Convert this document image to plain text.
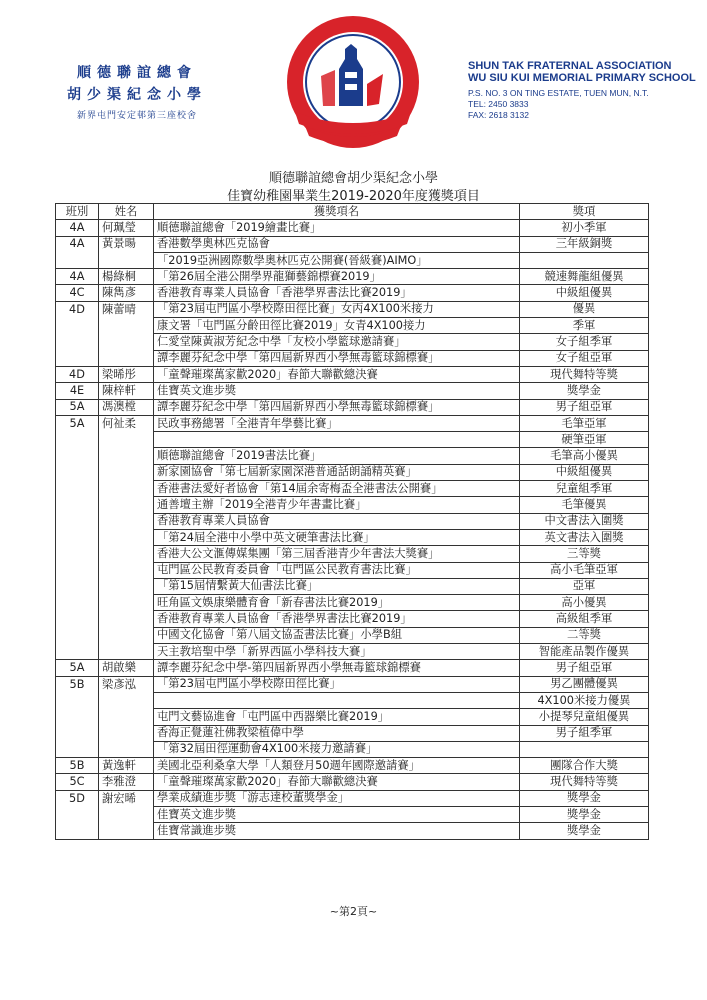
順德聯誼總會
胡少渠紀念小學
新界屯門安定邨第三座校舍
SHUN TAK FRATERNAL ASSOCIATION
WU SIU KUI MEMORIAL PRIMARY SCHOOL
P.S. NO. 3 ON TING ESTATE, TUEN MUN, N.T.
TEL: 2450 3833
FAX: 2618 3132
順德聯誼總會胡少渠紀念小學
佳寶幼稚園畢業生2019-2020年度獲獎項目
班別	姓名	獲獎項名	獎項
4A	何珮瑩	順德聯誼總會「2019繪畫比賽」	初小季軍
4A	黃景暘	香港數學奧林匹克協會	三年級銅獎
		「2019亞洲國際數學奧林匹克公開賽(晉級賽)AIMO」	
4A	楊綠桐	「第26屆全港公開學界龍獅藝錦標賽2019」	競速舞龍組優異
4C	陳雋彥	香港教育專業人員協會「香港學界書法比賽2019」	中級組優異
4D	陳蕾晴	「第23屆屯門區小學校際田徑比賽」女丙4X100米接力	優異
		康文署「屯門區分齡田徑比賽2019」女青4X100接力	季軍
		仁愛堂陳黃淑芳紀念中學「友校小學籃球邀請賽」	女子組季軍
		譚李麗芬紀念中學「第四屆新界西小學無毒籃球錦標賽」	女子組亞軍
4D	梁晞彤	「童聲璀璨萬家歡2020」春節大聯歡總決賽	現代舞特等獎
4E	陳梓軒	佳寶英文進步獎	獎學金
5A	馮澳樘	譚李麗芬紀念中學「第四屆新界西小學無毒籃球錦標賽」	男子組亞軍
5A	何祉柔	民政事務總署「全港青年學藝比賽」	毛筆亞軍
			硬筆亞軍
		順德聯誼總會「2019書法比賽」	毛筆高小優異
		新家園協會「第七屆新家園深港普通話朗誦精英賽」	中級組優異
		香港書法愛好者協會「第14屆余寄梅盃全港書法公開賽」	兒童組季軍
		通善壇主辦「2019全港青少年書畫比賽」	毛筆優異
		香港教育專業人員協會	中文書法入圍獎
		「第24屆全港中小學中英文硬筆書法比賽」	英文書法入圍獎
		香港大公文滙傳媒集團「第三屆香港青少年書法大獎賽」	三等獎
		屯門區公民教育委員會「屯門區公民教育書法比賽」	高小毛筆亞軍
		「第15屆情繫黃大仙書法比賽」	亞軍
		旺角區文娛康樂體育會「新春書法比賽2019」	高小優異
		香港教育專業人員協會「香港學界書法比賽2019」	高級組季軍
		中國文化協會「第八屆文協盃書法比賽」小學B組	二等獎
		天主教培聖中學「新界西區小學科技大賽」	智能產品製作優異
5A	胡啟樂	譚李麗芬紀念中學-第四屆新界西小學無毒籃球錦標賽	男子組亞軍
5B	梁彥泓	「第23屆屯門區小學校際田徑比賽」	男乙團體優異
			4X100米接力優異
		屯門文藝協進會「屯門區中西器樂比賽2019」	小提琴兒童組優異
		香海正覺蓮社佛教梁植偉中學	男子組季軍
		「第32屆田徑運動會4X100米接力邀請賽」	
5B	黃逸軒	美國北亞利桑拿大學「人類登月50週年國際邀請賽」	團隊合作大獎
5C	李雅澄	「童聲璀璨萬家歡2020」春節大聯歡總決賽	現代舞特等獎
5D	謝宏晞	學業成績進步獎「游志達校董獎學金」	獎學金
		佳寶英文進步獎	獎學金
		佳寶常識進步獎	獎學金
~第2頁~
